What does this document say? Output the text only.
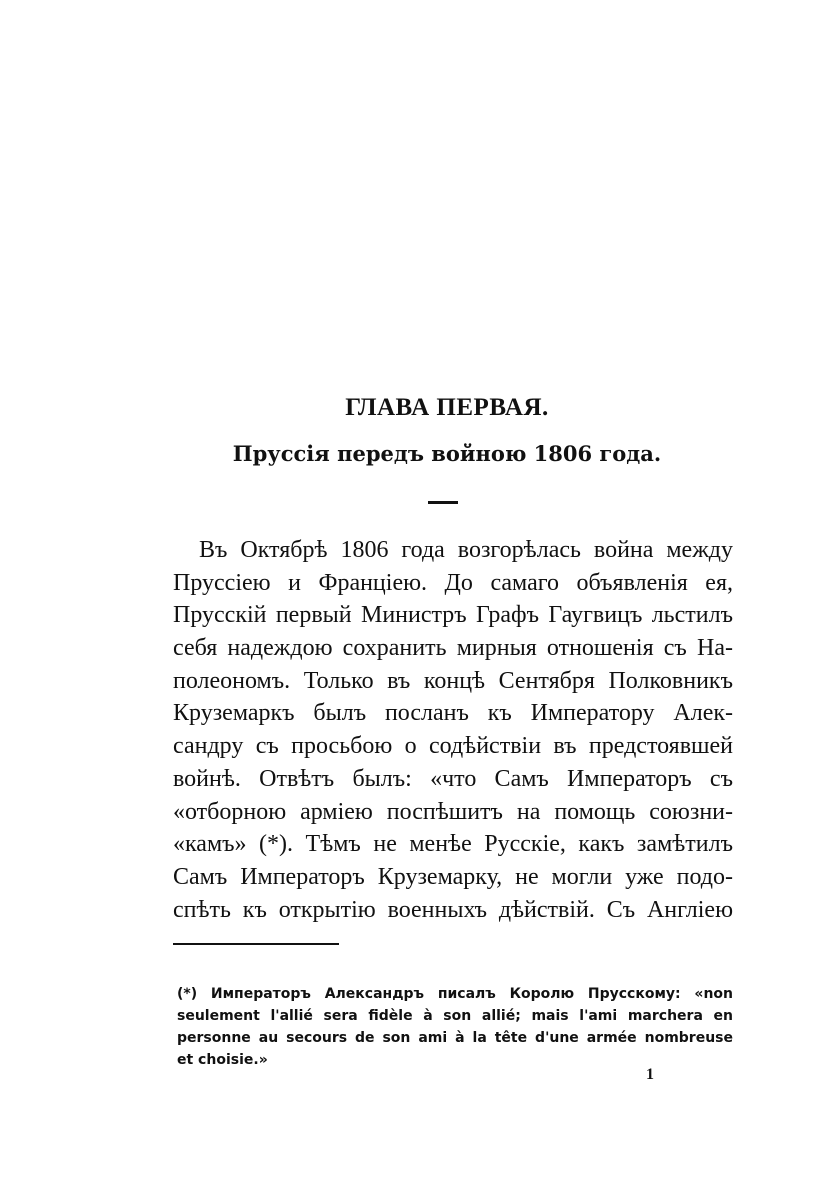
ГЛАВА ПЕРВАЯ.
Пруссія передъ войною 1806 года.
Въ Октябрѣ 1806 года возгорѣлась война между
Пруссіею и Франціею. До самаго объявленія ея,
Прусскій первый Министръ Графъ Гаугвицъ льстилъ
себя надеждою сохранить мирныя отношенія съ На-
полеономъ. Только въ концѣ Сентября Полковникъ
Круземаркъ былъ посланъ къ Императору Алек-
сандру съ просьбою о содѣйствіи въ предстоявшей
войнѣ. Отвѣтъ былъ: «что Самъ Императоръ съ
«отборною арміею поспѣшитъ на помощь союзни-
«камъ» (*). Тѣмъ не менѣе Русскіе, какъ замѣтилъ
Самъ Императоръ Круземарку, не могли уже подо-
спѣть къ открытію военныхъ дѣйствій. Съ Англіею
(*) Императоръ Александръ писалъ Королю Прусскому: «non
seulement l'allié sera fidèle à son allié; mais l'ami marchera en
personne au secours de son ami à la tête d'une armée nombreuse
et choisie.»
1
